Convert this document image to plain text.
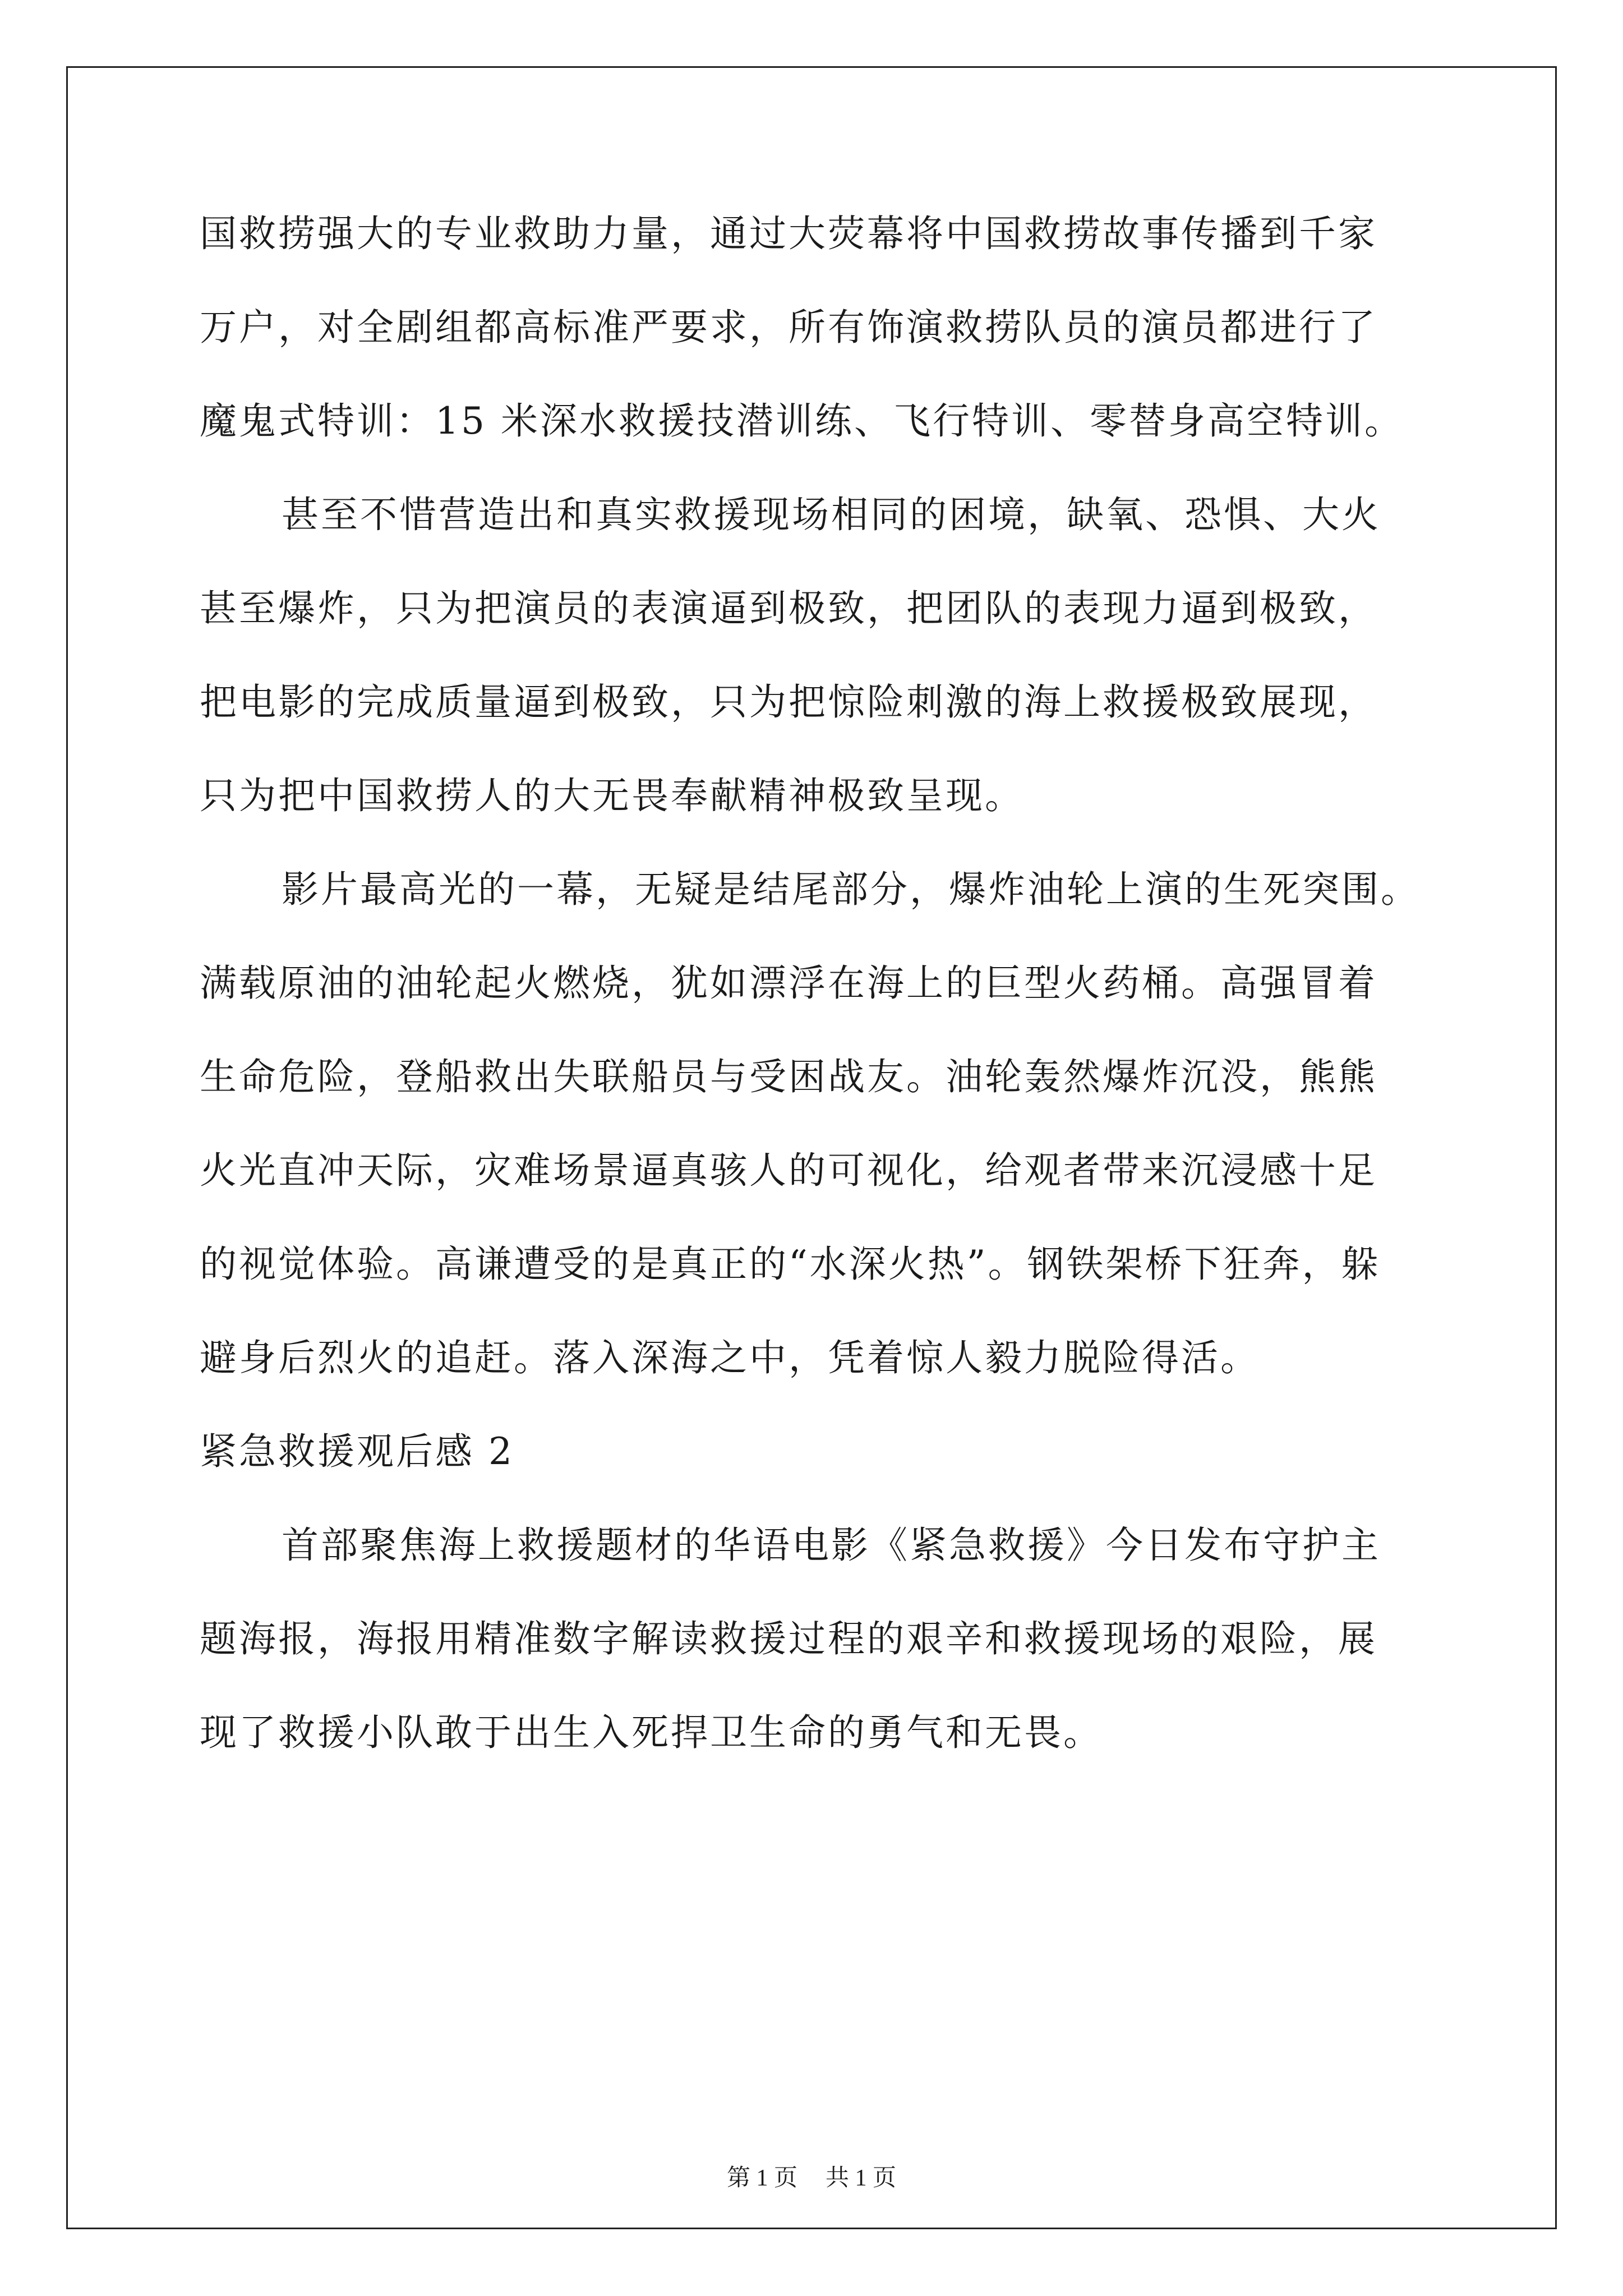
国救捞强大的专业救助力量，通过大荧幕将中国救捞故事传播到千家

万户，对全剧组都高标准严要求，所有饰演救捞队员的演员都进行了

魔鬼式特训：15 米深水救援技潜训练、飞行特训、零替身高空特训。

甚至不惜营造出和真实救援现场相同的困境，缺氧、恐惧、大火

甚至爆炸，只为把演员的表演逼到极致，把团队的表现力逼到极致，

把电影的完成质量逼到极致，只为把惊险刺激的海上救援极致展现，

只为把中国救捞人的大无畏奉献精神极致呈现。

影片最高光的一幕，无疑是结尾部分，爆炸油轮上演的生死突围。

满载原油的油轮起火燃烧，犹如漂浮在海上的巨型火药桶。高强冒着

生命危险，登船救出失联船员与受困战友。油轮轰然爆炸沉没，熊熊

火光直冲天际，灾难场景逼真骇人的可视化，给观者带来沉浸感十足

的视觉体验。高谦遭受的是真正的“水深火热”。钢铁架桥下狂奔，躲

避身后烈火的追赶。落入深海之中，凭着惊人毅力脱险得活。

紧急救援观后感 2

首部聚焦海上救援题材的华语电影《紧急救援》今日发布守护主

题海报，海报用精准数字解读救援过程的艰辛和救援现场的艰险，展

现了救援小队敢于出生入死捍卫生命的勇气和无畏。

第 1 页 共 1 页
